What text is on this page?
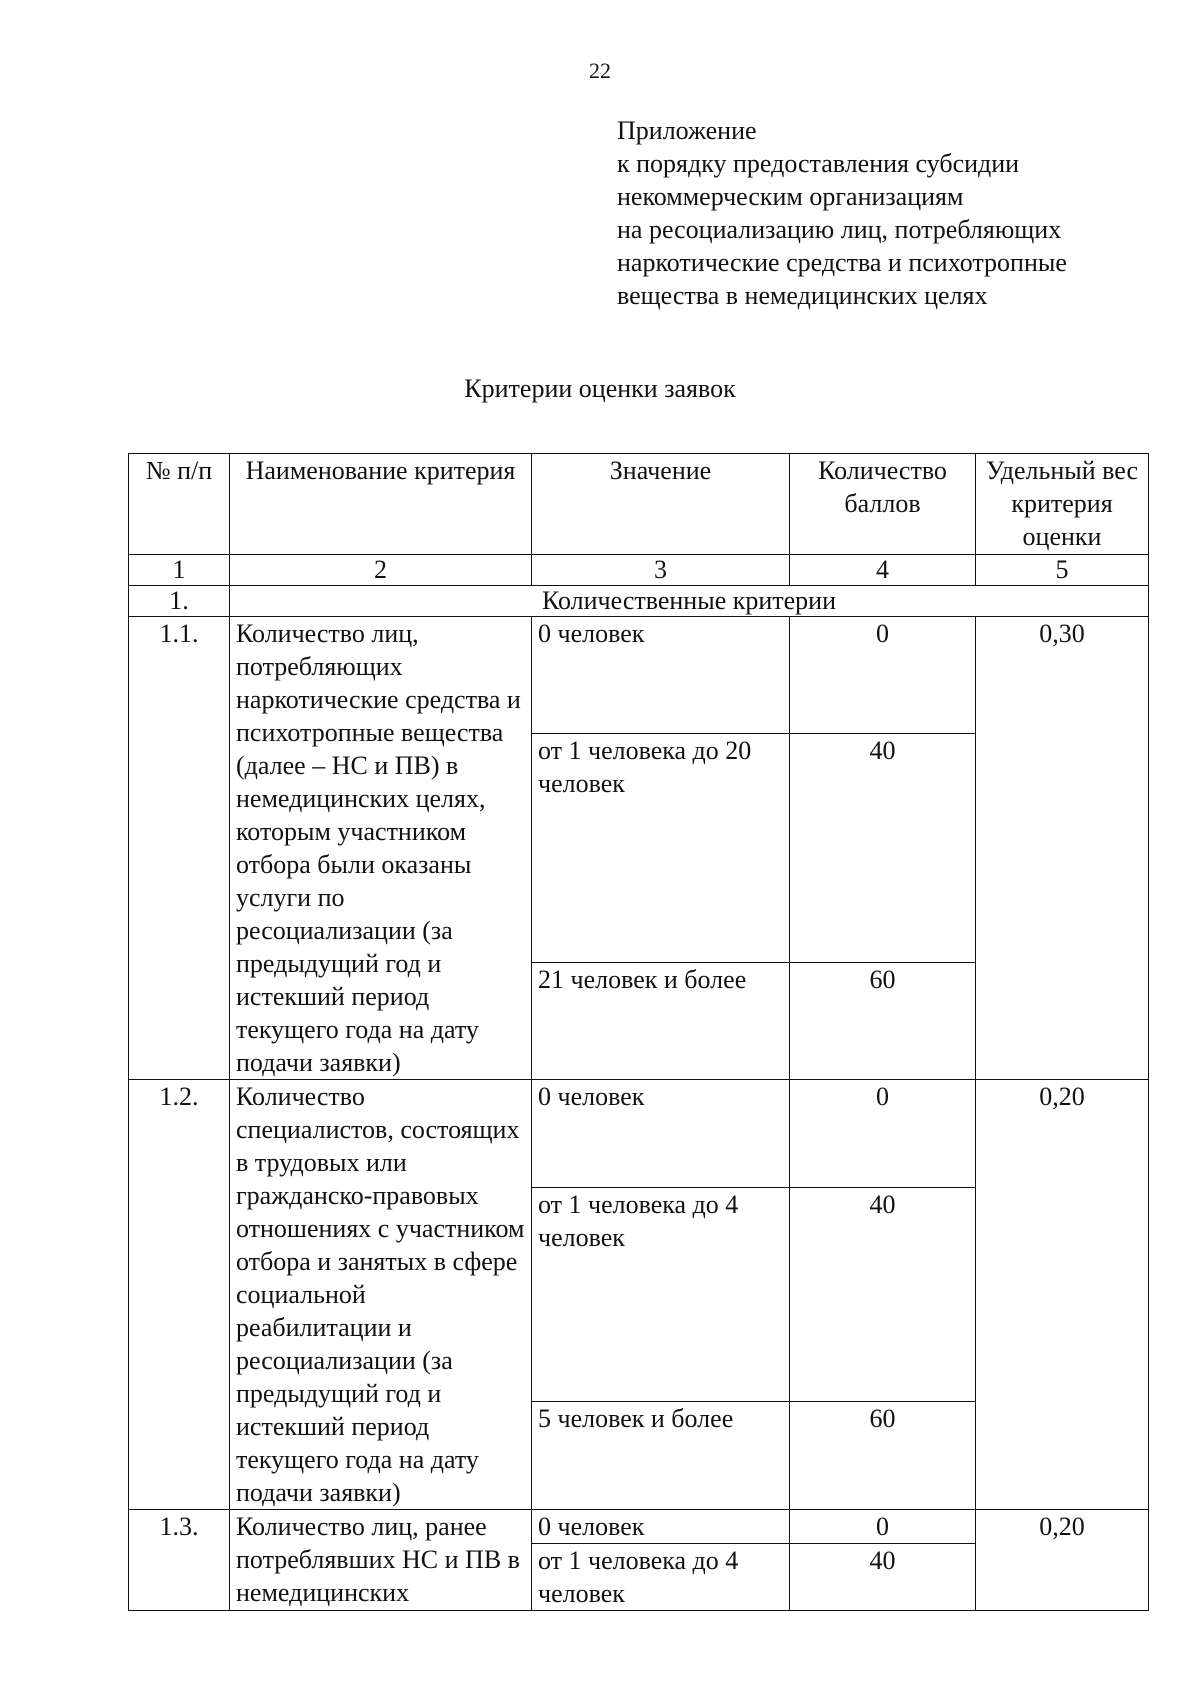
22
Приложение
к порядку предоставления субсидии
некоммерческим организациям
на ресоциализацию лиц, потребляющих
наркотические средства и психотропные
вещества в немедицинских целях
Критерии оценки заявок
№ п/п	Наименование критерия	Значение	Количество баллов	Удельный вес критерия оценки
1	2	3	4	5
1.	Количественные критерии			
1.1.	Количество лиц, потребляющих наркотические средства и психотропные вещества (далее – НС и ПВ) в немедицинских целях, которым участником отбора были оказаны услуги по ресоциализации (за предыдущий год и истекший период текущего года на дату подачи заявки)	0 человек	0	0,30
		от 1 человека до 20 человек	40	
		21 человек и более	60	

1.2.	Количество специалистов, состоящих в трудовых или гражданско-правовых отношениях с участником отбора и занятых в сфере социальной реабилитации и ресоциализации (за предыдущий год и истекший период текущего года на дату подачи заявки)	0 человек	0	0,20
		от 1 человека до 4 человек	40	
		5 человек и более	60	

1.3.	Количество лиц, ранее потреблявших НС и ПВ в немедицинских	0 человек	0	0,20
		от 1 человека до 4 человек	40	
